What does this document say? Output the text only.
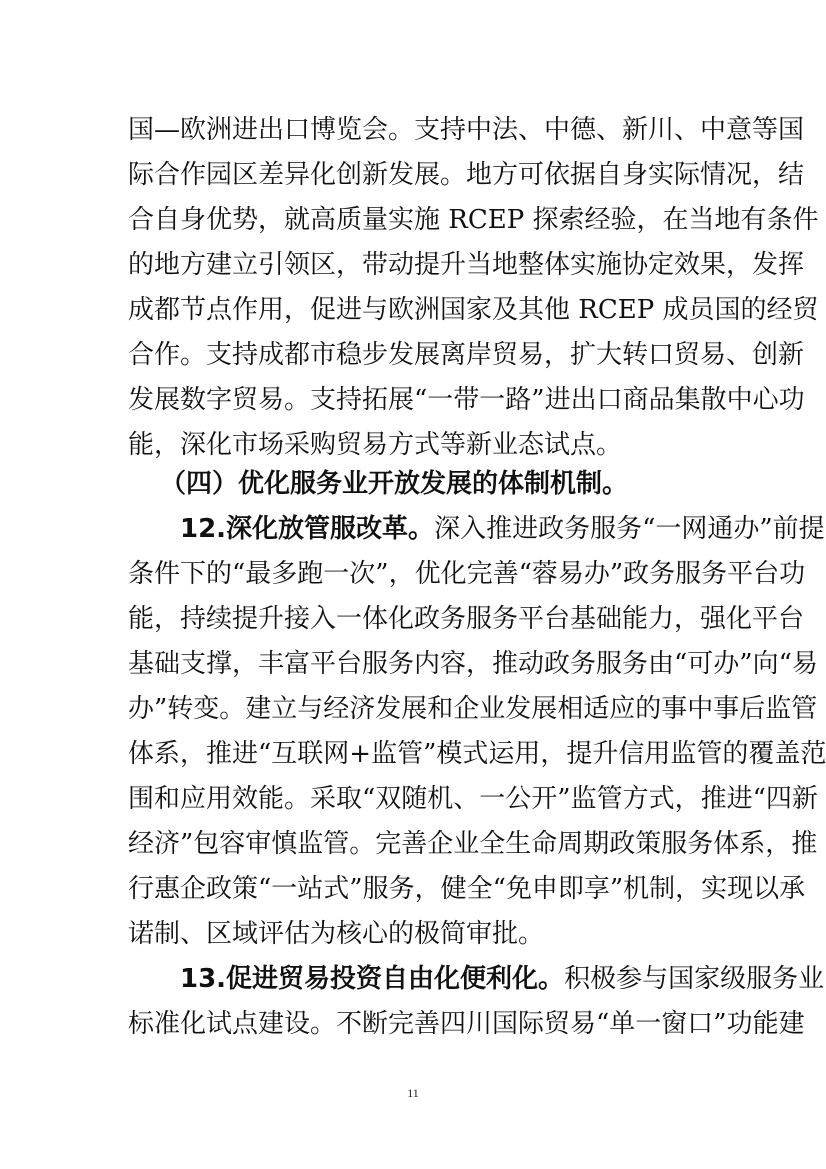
国—欧洲进出口博览会。支持中法、中德、新川、中意等国
际合作园区差异化创新发展。地方可依据自身实际情况，结
合自身优势，就高质量实施 RCEP 探索经验，在当地有条件
的地方建立引领区，带动提升当地整体实施协定效果，发挥
成都节点作用，促进与欧洲国家及其他 RCEP 成员国的经贸
合作。支持成都市稳步发展离岸贸易，扩大转口贸易、创新
发展数字贸易。支持拓展“一带一路”进出口商品集散中心功
能，深化市场采购贸易方式等新业态试点。
（四）优化服务业开放发展的体制机制。
12.深化放管服改革。深入推进政务服务“一网通办”前提
条件下的“最多跑一次”，优化完善“蓉易办”政务服务平台功
能，持续提升接入一体化政务服务平台基础能力，强化平台
基础支撑，丰富平台服务内容，推动政务服务由“可办”向“易
办”转变。建立与经济发展和企业发展相适应的事中事后监管
体系，推进“互联网+监管”模式运用，提升信用监管的覆盖范
围和应用效能。采取“双随机、一公开”监管方式，推进“四新
经济”包容审慎监管。完善企业全生命周期政策服务体系，推
行惠企政策“一站式”服务，健全“免申即享”机制，实现以承
诺制、区域评估为核心的极简审批。
13.促进贸易投资自由化便利化。积极参与国家级服务业
标准化试点建设。不断完善四川国际贸易“单一窗口”功能建
11
